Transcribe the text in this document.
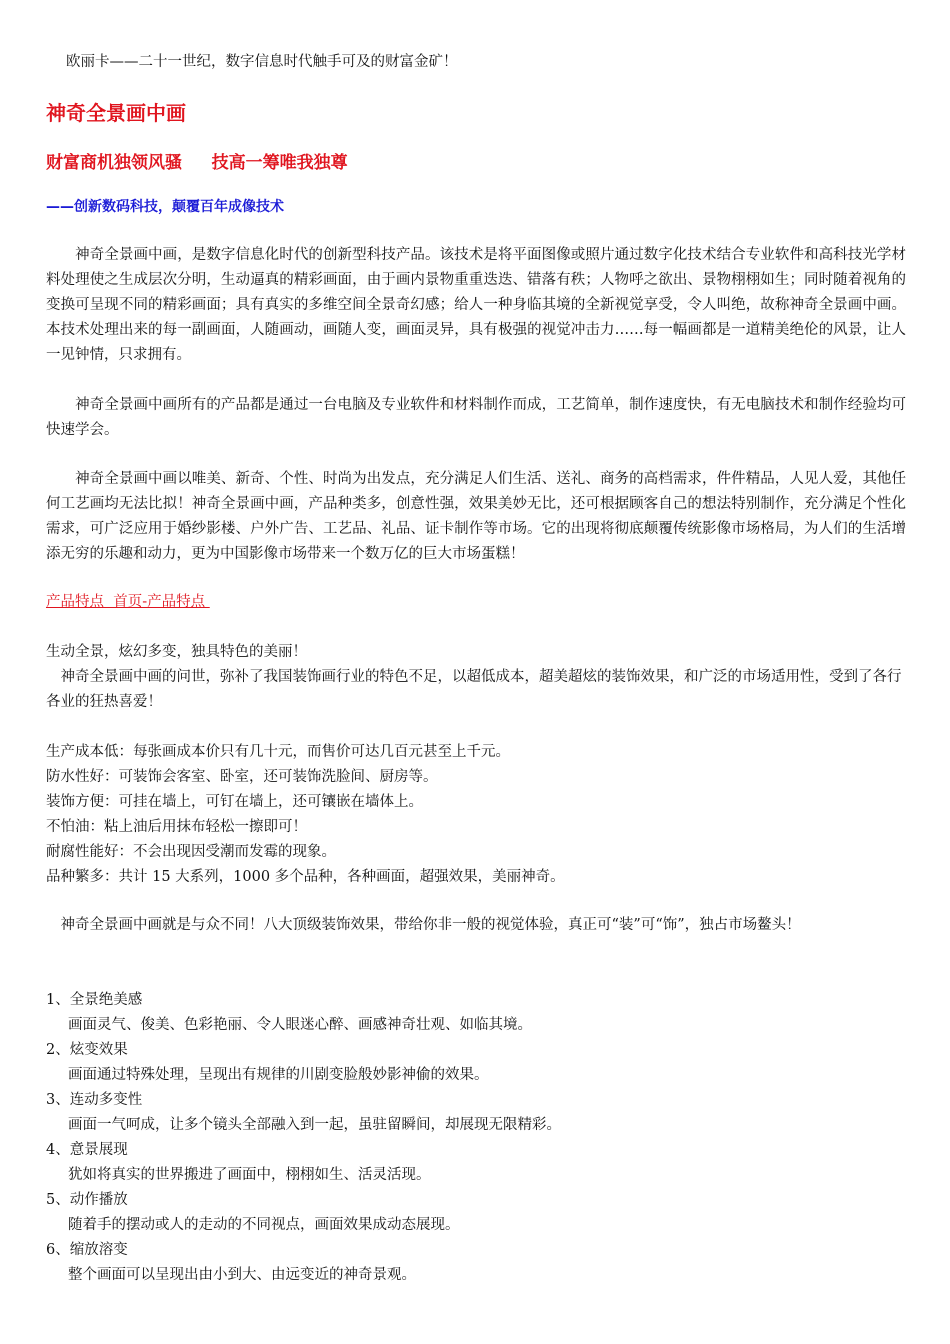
欧丽卡——二十一世纪，数字信息时代触手可及的财富金矿！

神奇全景画中画
财富商机独领风骚     技高一筹唯我独尊
——创新数码科技，颠覆百年成像技术

　　神奇全景画中画，是数字信息化时代的创新型科技产品。该技术是将平面图像或照片通过数字化技术结合专业软件和高科技光学材料处理使之生成层次分明，生动逼真的精彩画面，由于画内景物重重迭迭、错落有秩；人物呼之欲出、景物栩栩如生；同时随着视角的变换可呈现不同的精彩画面；具有真实的多维空间全景奇幻感；给人一种身临其境的全新视觉享受，令人叫绝，故称神奇全景画中画。本技术处理出来的每一副画面，人随画动，画随人变，画面灵异，具有极强的视觉冲击力……每一幅画都是一道精美绝伦的风景，让人一见钟情，只求拥有。

　　神奇全景画中画所有的产品都是通过一台电脑及专业软件和材料制作而成，工艺简单，制作速度快，有无电脑技术和制作经验均可快速学会。

　　神奇全景画中画以唯美、新奇、个性、时尚为出发点，充分满足人们生活、送礼、商务的高档需求，件件精品，人见人爱，其他任何工艺画均无法比拟！神奇全景画中画，产品种类多，创意性强，效果美妙无比，还可根据顾客自己的想法特别制作，充分满足个性化需求，可广泛应用于婚纱影楼、户外广告、工艺品、礼品、证卡制作等市场。它的出现将彻底颠覆传统影像市场格局，为人们的生活增添无穷的乐趣和动力，更为中国影像市场带来一个数万亿的巨大市场蛋糕！

产品特点  首页-产品特点
生动全景，炫幻多变，独具特色的美丽！
　神奇全景画中画的问世，弥补了我国装饰画行业的特色不足，以超低成本，超美超炫的装饰效果，和广泛的市场适用性，受到了各行各业的狂热喜爱！
生产成本低：每张画成本价只有几十元，而售价可达几百元甚至上千元。
防水性好：可装饰会客室、卧室，还可装饰洗脸间、厨房等。
装饰方便：可挂在墙上，可钉在墙上，还可镶嵌在墙体上。
不怕油：粘上油后用抹布轻松一擦即可！
耐腐性能好：不会出现因受潮而发霉的现象。
品种繁多：共计 15 大系列，1000 多个品种，各种画面，超强效果，美丽神奇。

　神奇全景画中画就是与众不同！八大顶级装饰效果，带给你非一般的视觉体验，真正可“装”可“饰”，独占市场鳌头！

1、全景绝美感
画面灵气、俊美、色彩艳丽、令人眼迷心醉、画感神奇壮观、如临其境。
2、炫变效果
画面通过特殊处理，呈现出有规律的川剧变脸般妙影神偷的效果。
3、连动多变性
画面一气呵成，让多个镜头全部融入到一起，虽驻留瞬间，却展现无限精彩。
4、意景展现
犹如将真实的世界搬进了画面中，栩栩如生、活灵活现。
5、动作播放
随着手的摆动或人的走动的不同视点，画面效果成动态展现。
6、缩放溶变
整个画面可以呈现出由小到大、由远变近的神奇景观。
